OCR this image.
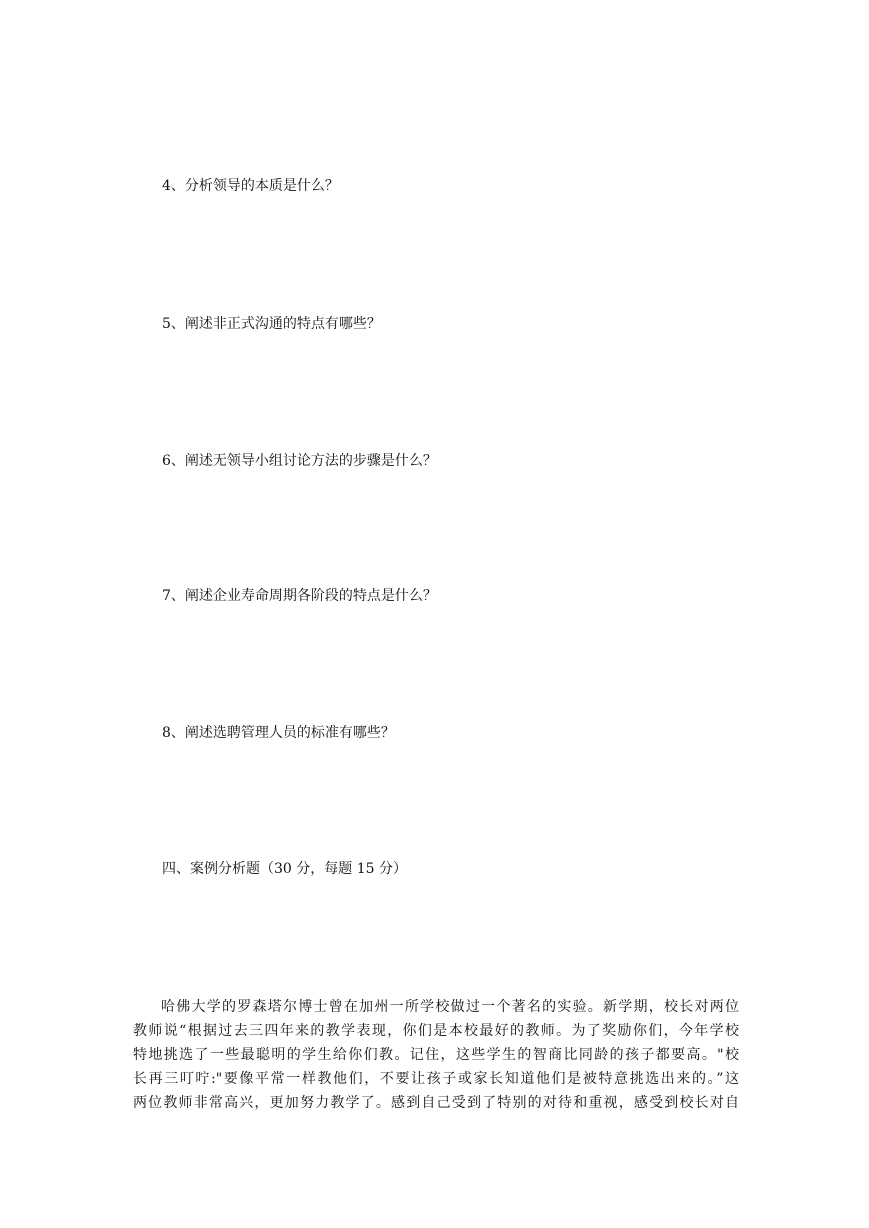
4、分析领导的本质是什么？
5、阐述非正式沟通的特点有哪些？
6、阐述无领导小组讨论方法的步骤是什么？
7、阐述企业寿命周期各阶段的特点是什么？
8、阐述选聘管理人员的标准有哪些？
四、案例分析题（30 分，每题 15 分）
哈佛大学的罗森塔尔博士曾在加州一所学校做过一个著名的实验。新学期，校长对两位
教师说“根据过去三四年来的教学表现，你们是本校最好的教师。为了奖励你们，今年学校
特地挑选了一些最聪明的学生给你们教。记住，这些学生的智商比同龄的孩子都要高。"校
长再三叮咛:"要像平常一样教他们，不要让孩子或家长知道他们是被特意挑选出来的。”这
两位教师非常高兴，更加努力教学了。感到自己受到了特别的对待和重视，感受到校长对自
